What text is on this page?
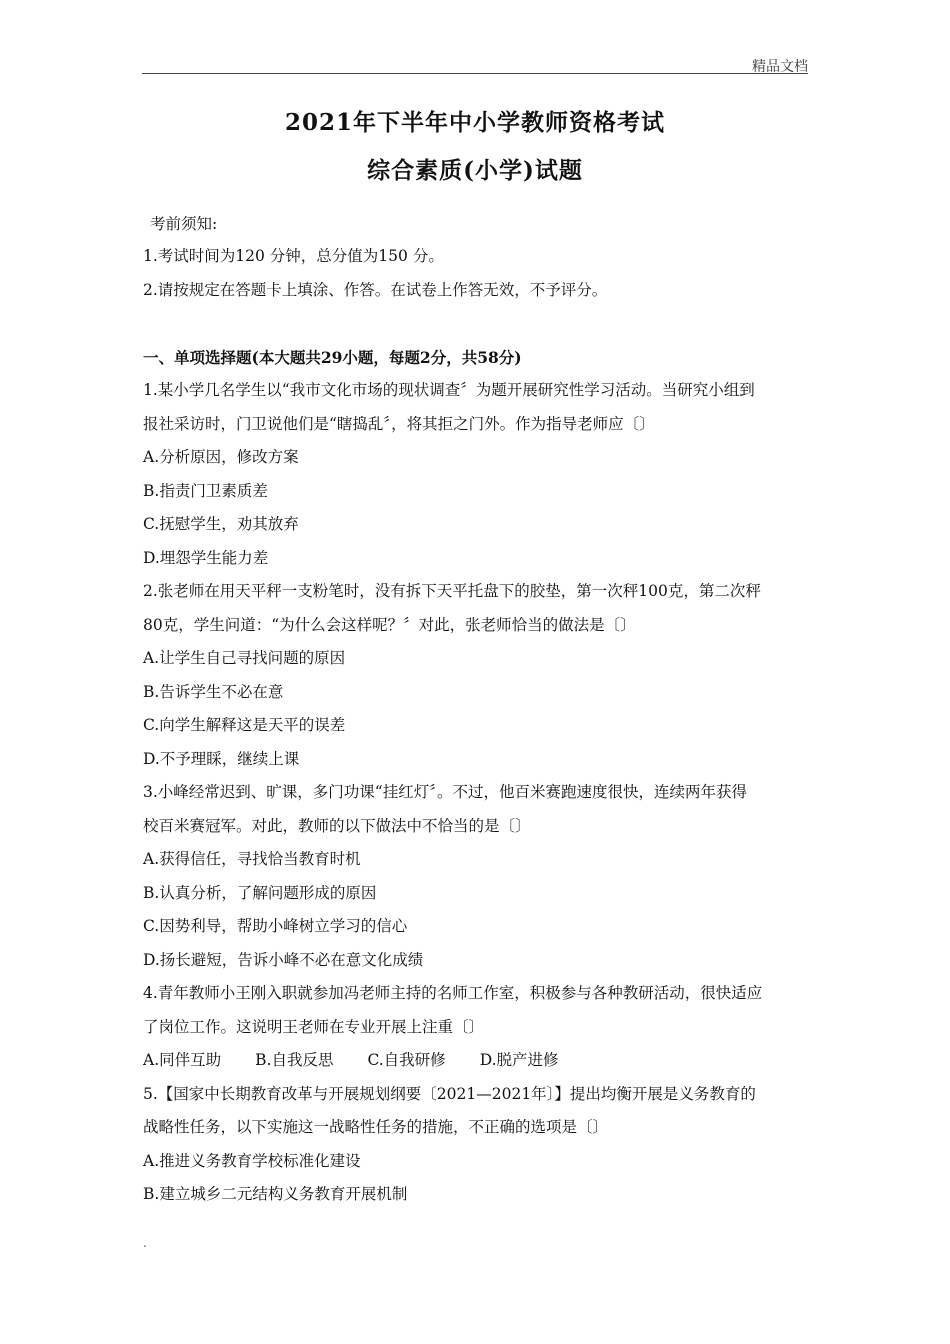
精品文档
2021年下半年中小学教师资格考试
综合素质(小学)试题
考前须知:

1.考试时间为120 分钟，总分值为150 分。

2.请按规定在答题卡上填涂、作答。在试卷上作答无效，不予评分。

一、单项选择题(本大题共29小题，每题2分，共58分)

1.某小学几名学生以“我市文化市场的现状调查〞为题开展研究性学习活动。当研究小组到

报社采访时，门卫说他们是“瞎捣乱〞，将其拒之门外。作为指导老师应〔〕

A.分析原因，修改方案

B.指责门卫素质差

C.抚慰学生，劝其放弃

D.埋怨学生能力差

2.张老师在用天平秤一支粉笔时，没有拆下天平托盘下的胶垫，第一次秤100克，第二次秤

80克，学生问道：“为什么会这样呢？〞对此，张老师恰当的做法是〔〕

A.让学生自己寻找问题的原因

B.告诉学生不必在意

C.向学生解释这是天平的误差

D.不予理睬，继续上课

3.小峰经常迟到、旷课，多门功课“挂红灯〞。不过，他百米赛跑速度很快，连续两年获得

校百米赛冠军。对此，教师的以下做法中不恰当的是〔〕

A.获得信任，寻找恰当教育时机

B.认真分析，了解问题形成的原因

C.因势利导，帮助小峰树立学习的信心

D.扬长避短，告诉小峰不必在意文化成绩

4.青年教师小王刚入职就参加冯老师主持的名师工作室，积极参与各种教研活动，很快适应

了岗位工作。这说明王老师在专业开展上注重〔〕

A.同伴互助 B.自我反思 C.自我研修 D.脱产进修

5.【国家中长期教育改革与开展规划纲要〔2021—2021年〕】提出均衡开展是义务教育的

战略性任务，以下实施这一战略性任务的措施，不正确的选项是〔〕

A.推进义务教育学校标准化建设

B.建立城乡二元结构义务教育开展机制

.
